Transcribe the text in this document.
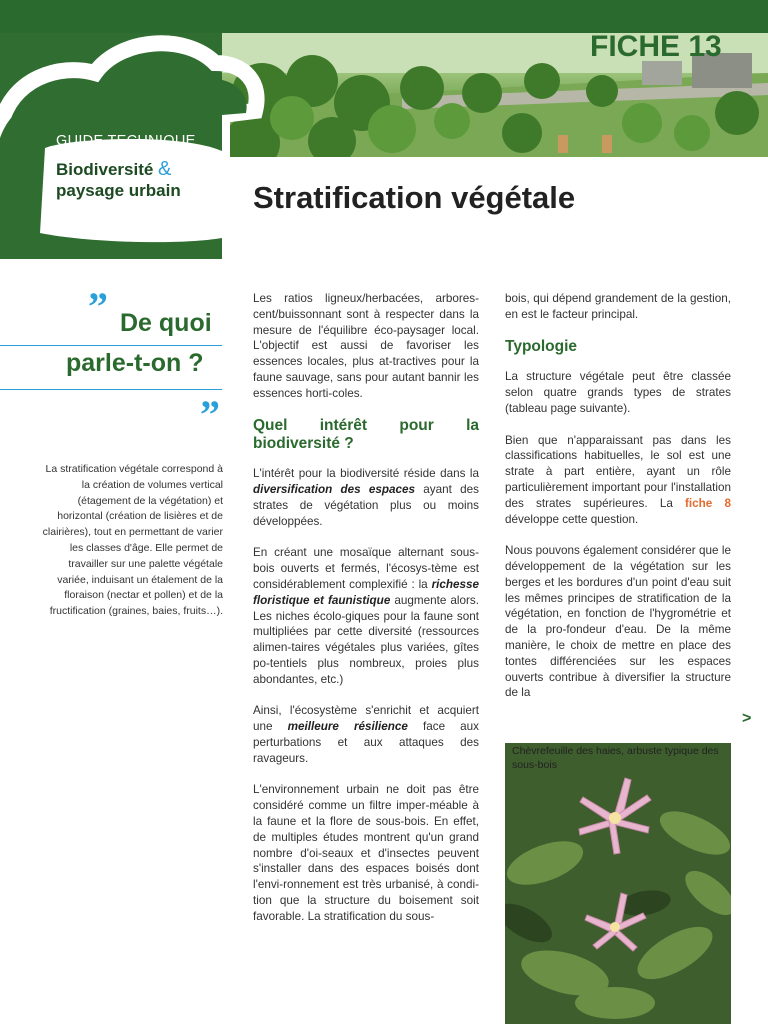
FICHE 13
GUIDE TECHNIQUE
Biodiversité &
paysage urbain Stratification végétale
” De quoi
parle-t-on ?
”
La stratification végétale correspond à la création de volumes vertical (étagement de la végétation) et horizontal (création de lisières et de clairières), tout en permettant de varier les classes d'âge. Elle permet de travailler sur une palette végétale variée, induisant un étalement de la floraison (nectar et pollen) et de la fructification (graines, baies, fruits…).

Les ratios ligneux/herbacées, arbores-cent/buissonnant sont à respecter dans la mesure de l'équilibre éco-paysager local. L'objectif est aussi de favoriser les essences locales, plus at-tractives pour la faune sauvage, sans pour autant bannir les essences horti-coles.

Quel intérêt pour la biodiversité ?

L'intérêt pour la biodiversité réside dans la diversification des espaces ayant des strates de végétation plus ou moins développées.

En créant une mosaïque alternant sous-bois ouverts et fermés, l'écosys-tème est considérablement complexifié : la richesse floristique et faunistique augmente alors. Les niches écolo-giques pour la faune sont multipliées par cette diversité (ressources alimen-taires végétales plus variées, gîtes po-tentiels plus nombreux, proies plus abondantes, etc.)

Ainsi, l'écosystème s'enrichit et acquiert une meilleure résilience face aux perturbations et aux attaques des ravageurs.

L'environnement urbain ne doit pas être considéré comme un filtre imper-méable à la faune et la flore de sous-bois. En effet, de multiples études montrent qu'un grand nombre d'oi-seaux et d'insectes peuvent s'installer dans des espaces boisés dont l'envi-ronnement est très urbanisé, à condi-tion que la structure du boisement soit favorable. La stratification du sous-

bois, qui dépend grandement de la gestion, en est le facteur principal.

Typologie

La structure végétale peut être classée selon quatre grands types de strates (tableau page suivante).

Bien que n'apparaissant pas dans les classifications habituelles, le sol est une strate à part entière, ayant un rôle particulièrement important pour l'installation des strates supérieures. La fiche 8 développe cette question.

Nous pouvons également considérer que le développement de la végétation sur les berges et les bordures d'un point d'eau suit les mêmes principes de stratification de la végétation, en fonction de l'hygrométrie et de la pro-fondeur d'eau. De la même manière, le choix de mettre en place des tontes différenciées sur les espaces ouverts contribue à diversifier la structure de la

>
Chèvrefeuille des haies, arbuste typique des sous-bois
